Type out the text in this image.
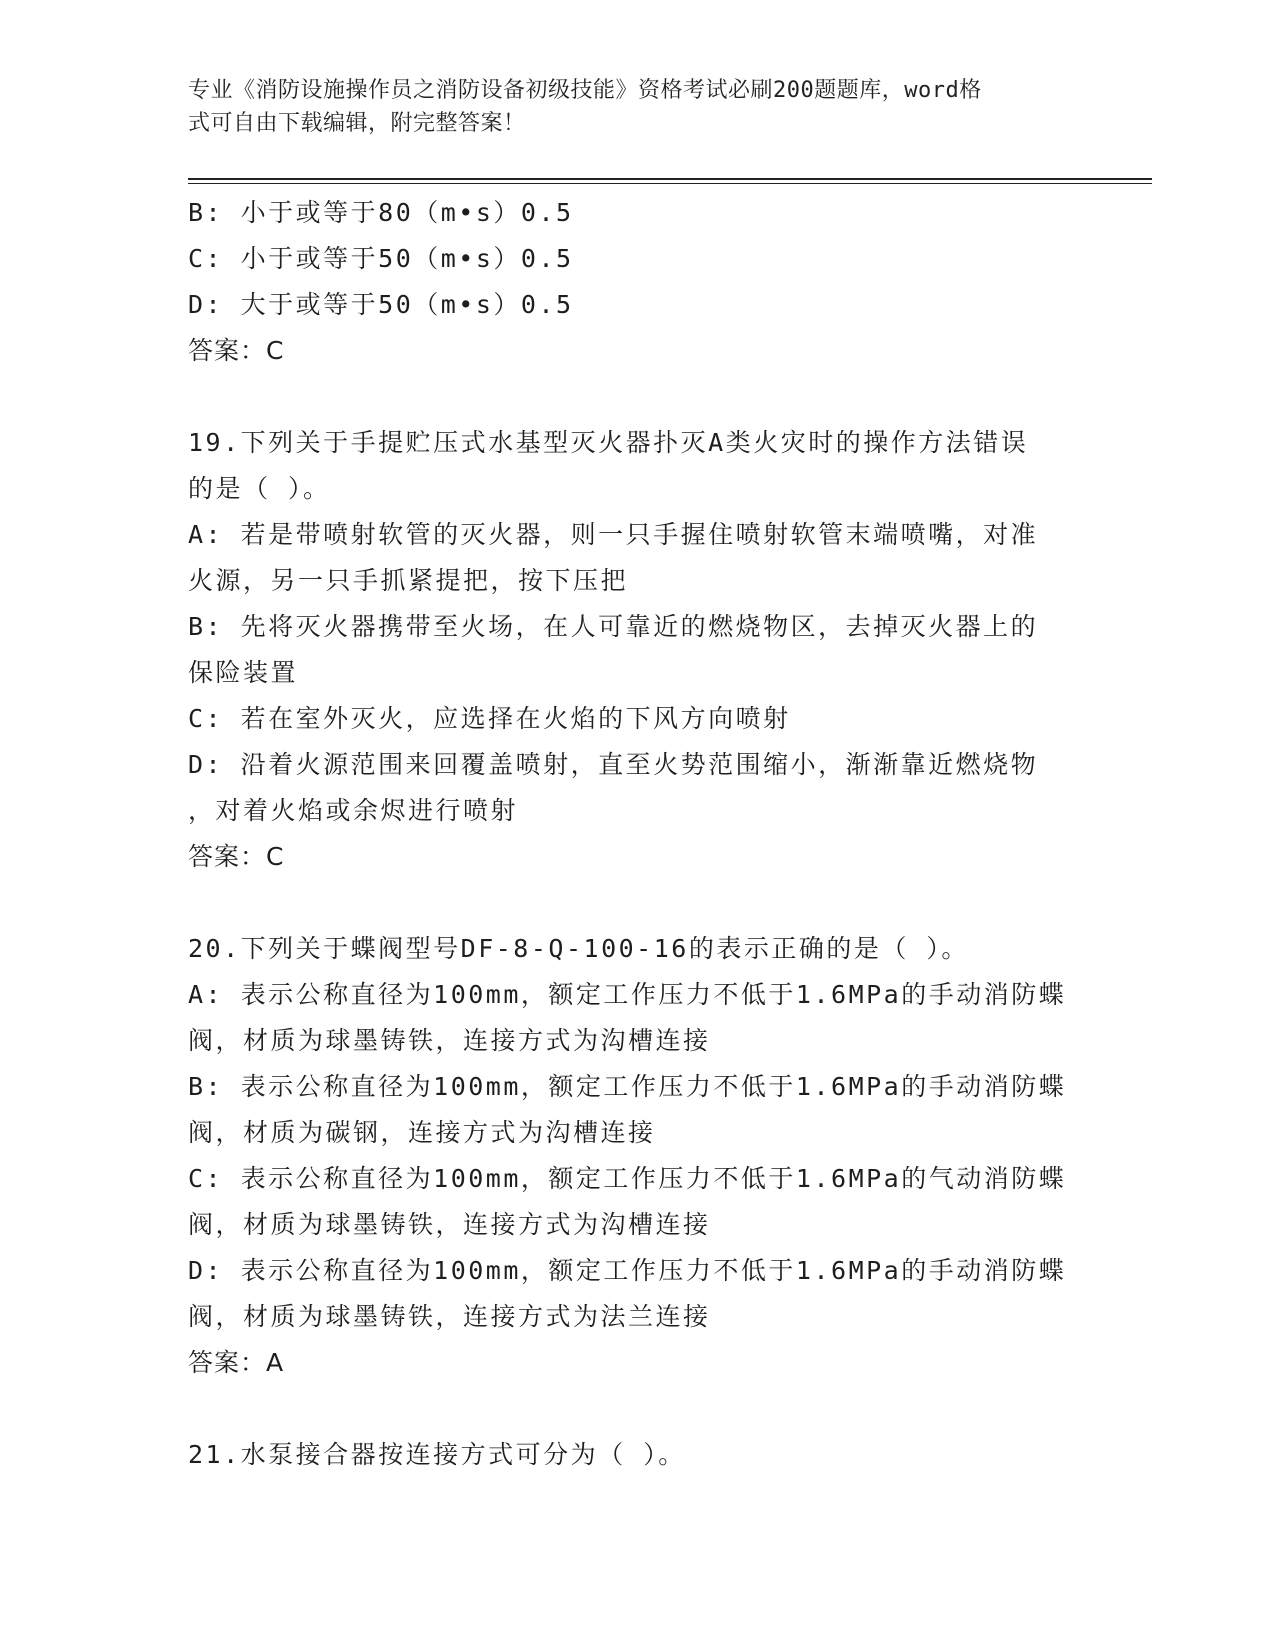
专业《消防设施操作员之消防设备初级技能》资格考试必刷200题题库，word格
式可自由下载编辑，附完整答案！
B: 小于或等于80（m•s）0.5
C: 小于或等于50（m•s）0.5
D: 大于或等于50（m•s）0.5
答案：C
19.下列关于手提贮压式水基型灭火器扑灭A类火灾时的操作方法错误
的是（ ）。
A: 若是带喷射软管的灭火器，则一只手握住喷射软管末端喷嘴，对准
火源，另一只手抓紧提把，按下压把
B: 先将灭火器携带至火场，在人可靠近的燃烧物区，去掉灭火器上的
保险装置
C: 若在室外灭火，应选择在火焰的下风方向喷射
D: 沿着火源范围来回覆盖喷射，直至火势范围缩小，渐渐靠近燃烧物
，对着火焰或余烬进行喷射
答案：C
20.下列关于蝶阀型号DF-8-Q-100-16的表示正确的是（ ）。
A: 表示公称直径为100mm，额定工作压力不低于1.6MPa的手动消防蝶
阀，材质为球墨铸铁，连接方式为沟槽连接
B: 表示公称直径为100mm，额定工作压力不低于1.6MPa的手动消防蝶
阀，材质为碳钢，连接方式为沟槽连接
C: 表示公称直径为100mm，额定工作压力不低于1.6MPa的气动消防蝶
阀，材质为球墨铸铁，连接方式为沟槽连接
D: 表示公称直径为100mm，额定工作压力不低于1.6MPa的手动消防蝶
阀，材质为球墨铸铁，连接方式为法兰连接
答案：A
21.水泵接合器按连接方式可分为（ ）。
